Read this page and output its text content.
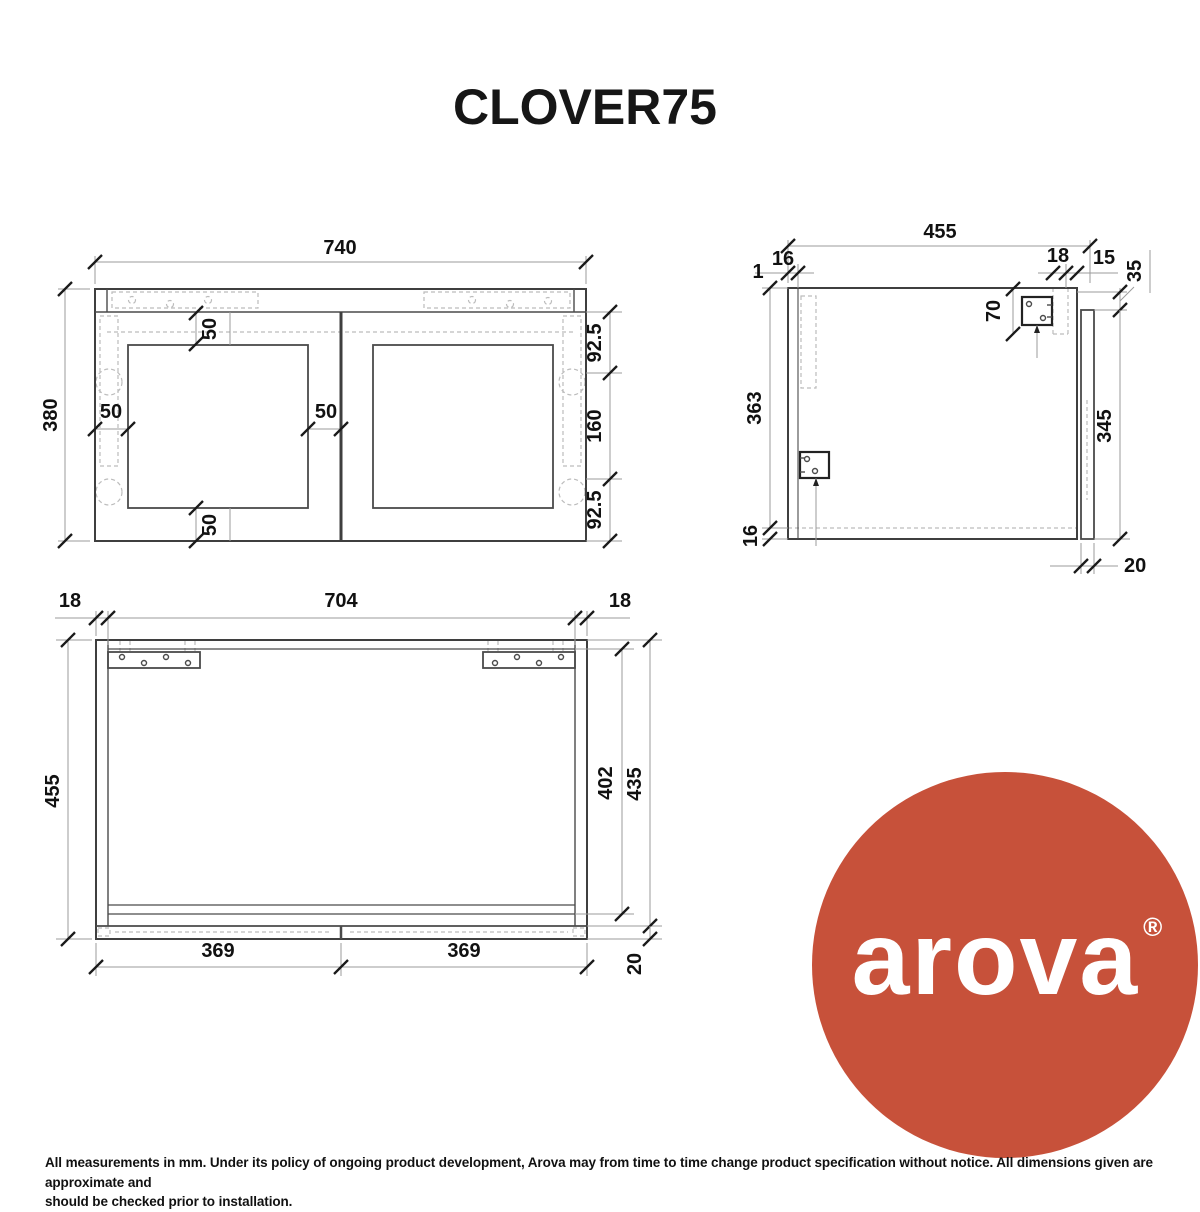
CLOVER75
740
380
92.5
160
92.5
50
50
50	50
455
1
16	18 15
35
70
363
16
345
20
18	704	18
455	402 435
20
369	369	arova ®
All measurements in mm. Under its policy of ongoing product development, Arova may from time to time change product specification without notice. All dimensions given are approximate and
should be checked prior to installation.
